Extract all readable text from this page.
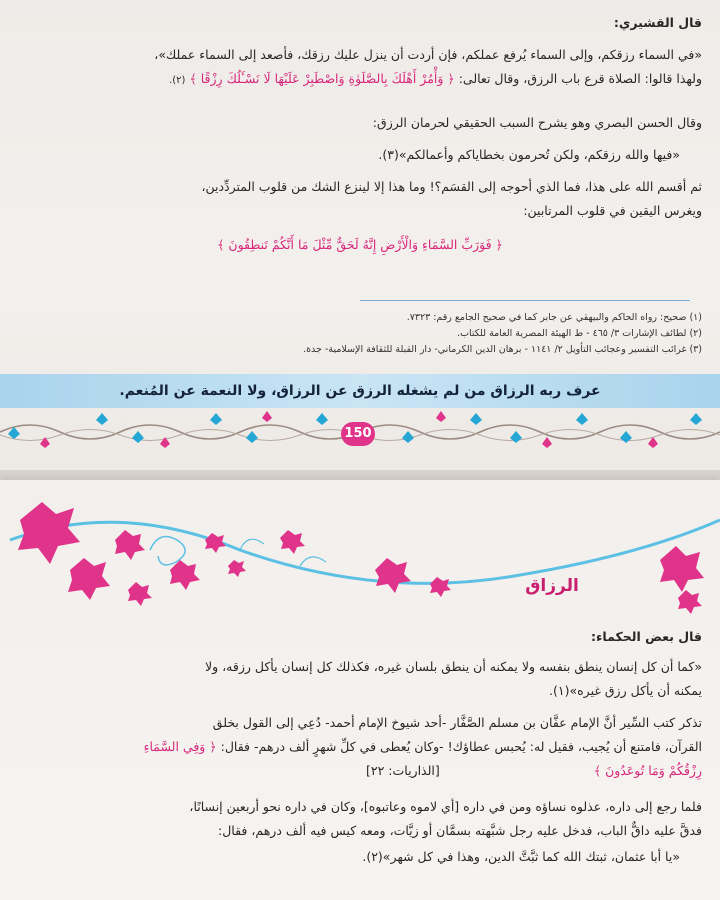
قال القشيري:
«في السماء رزقكم، وإلى السماء يُرفع عملكم، فإن أردت أن ينزل عليك رزقك، فأصعد إلى السماء عملك»،
ولهذا قالوا: الصلاة قرع باب الرزق، وقال تعالى: ﴿ وَأْمُرْ أَهْلَكَ بِالصَّلَوٰةِ وَاصْطَبِرْ عَلَيْهَا لَا نَسْـَٔلُكَ رِزْقًا ﴾ (٢).
وقال الحسن البصري وهو يشرح السبب الحقيقي لحرمان الرزق:
«فيها والله رزقكم، ولكن تُحرمون بخطاياكم وأعمالكم»(٣).
ثم أقسم الله على هذا، فما الذي أحوجه إلى القسَم؟! وما هذا إلا لينزع الشك من قلوب المتردِّدين،
ويغرس اليقين في قلوب المرتابين:
﴿ فَوَرَبِّ السَّمَاءِ وَالْأَرْضِ إِنَّهُ لَحَقٌّ مِّثْلَ مَا أَنَّكُمْ تَنطِقُونَ ﴾
(١) صحيح: رواه الحاكم والبيهقي عن جابر كما في صحيح الجامع رقم: ٧٣٢٣.
(٢) لطائف الإشارات ٣/ ٤٦٥ - ط الهيئة المصرية العامة للكتاب.
(٣) غرائب التفسير وعجائب التأويل ٢/ ١١٤١ - برهان الدين الكرماني- دار القبلة للثقافة الإسلامية- جدة.
عرف ربه الرزاق من لم يشغله الرزق عن الرزاق، ولا النعمة عن المُنعم.
150
الرزاق
قال بعض الحكماء:
«كما أن كل إنسان ينطق بنفسه ولا يمكنه أن ينطق بلسان غيره، فكذلك كل إنسان يأكل رزقه، ولا
يمكنه أن يأكل رزق غيره»(١).
تذكر كتب السِّير أنَّ الإمام عفَّان بن مسلم الصَّفَّار -أحد شيوخ الإمام أحمد- دُعِي إلى القول بخلق
القرآن، فامتنع أن يُجيب، فقيل له: يُحبس عطاؤك! -وكان يُعطى في كلِّ شهرٍ ألف درهم- فقال: ﴿ وَفِي السَّمَاءِ
رِزْقُكُمْ وَمَا تُوعَدُونَ ﴾ [الذاريات: ٢٢]
فلما رجع إلى داره، عذلوه نساؤه ومن في داره [أي لاموه وعاتبوه]، وكان في داره نحو أربعين إنسانًا،
فدقَّ عليه داقٌّ الباب، فدخل عليه رجل شبَّهته بسمَّان أو زيَّات، ومعه كيس فيه ألف درهم، فقال:
«يا أبا عثمان، ثبتك الله كما ثبَّتَّ الدين، وهذا في كل شهر»(٢).
